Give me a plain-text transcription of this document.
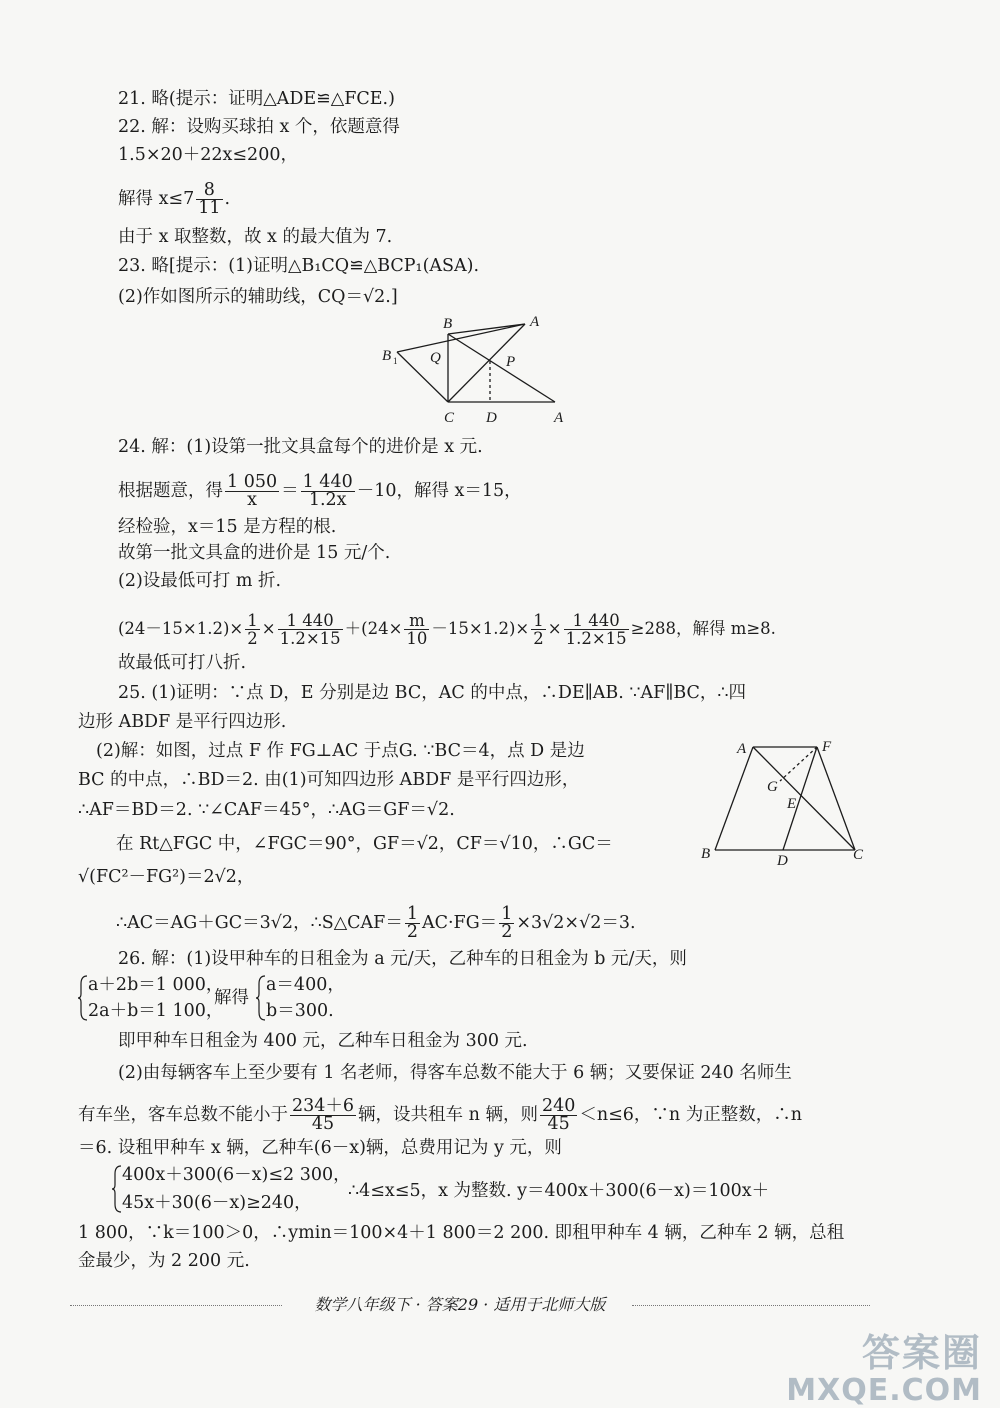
21. 略(提示：证明△ADE≌△FCE.)
22. 解：设购买球拍 x 个，依题意得
1.5×20＋22x≤200，
解得 $x\le 7 \frac{8}{11}$ .
由于 x 取整数，故 x 的最大值为 7.
23. 略[提示：(1)证明△B₁CQ≌△BCP₁(ASA).
(2)作如图所示的辅助线，CQ＝√2.]
B	A
B 1 Q	P
C D	A
24. 解：(1)设第一批文具盒每个的进价是 x 元.
根据题意，得 $\frac{1 050}{x} = \frac{1 440}{1.2x} -10$，解得 x＝15，
经检验，x＝15 是方程的根.
故第一批文具盒的进价是 15 元/个.
(2)设最低可打 m 折.
$(24-15\times 1.2)\times \frac{1}{2} \times \frac{1 440}{1.2\times 15} +(24\times \frac{m}{10} -15\times 1.2)\times \frac{1}{2} \times \frac{1 440}{1.2\times 15} \ge 288$，解得 m≥8.
故最低可打八折.
25. (1)证明：∵点 D，E 分别是边 BC，AC 的中点，∴DE∥AB. ∵AF∥BC，∴四
边形 ABDF 是平行四边形.
(2)解：如图，过点 F 作 FG⊥AC 于点G. ∵BC＝4，点 D 是边
BC 的中点，∴BD＝2. 由(1)可知四边形 ABDF 是平行四边形，
∴AF＝BD＝2. ∵∠CAF＝45°，∴AG＝GF＝√2.
在 Rt△FGC 中，∠FGC＝90°，GF＝√2，CF＝√10，∴GC＝
√(FC²－FG²)＝2√2，
∴AC＝AG＋GC＝3√2，∴S△CAF＝ $\frac{1}{2} AC\cdot FG= \frac{1}{2} \times 3√2\times√2=3$.
A	F
G
E
B	D	C
26. 解：(1)设甲种车的日租金为 a 元/天，乙种车的日租金为 b 元/天，则
a＋2b＝1 000，
2a＋b＝1 100，
解得
a＝400，
b＝300.
即甲种车日租金为 400 元，乙种车日租金为 300 元.
(2)由每辆客车上至少要有 1 名老师，得客车总数不能大于 6 辆；又要保证 240 名师生
有车坐，客车总数不能小于 $\frac{234+6}{45}$ 辆，设共租车 n 辆，则 $\frac{240}{45} <n\le 6$，∵n 为正整数，∴n
＝6. 设租甲种车 x 辆，乙种车(6－x)辆，总费用记为 y 元，则
400x＋300(6－x)≤2 300，
45x＋30(6－x)≥240，
∴4≤x≤5，x 为整数. y＝400x＋300(6－x)＝100x＋
1 800，∵k＝100＞0，∴ymin＝100×4＋1 800＝2 200. 即租甲种车 4 辆，乙种车 2 辆，总租
金最少，为 2 200 元.
数学八年级下 · 答案29 · 适用于北师大版
答案圈
MXQE.COM
